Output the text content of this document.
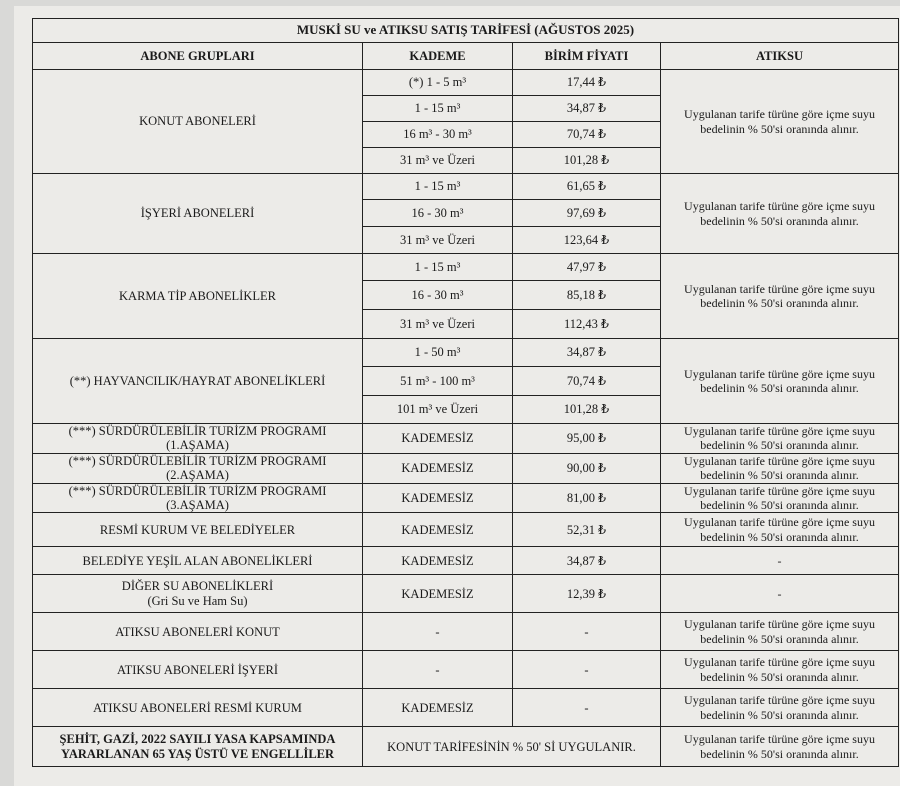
MUSKİ SU ve ATIKSU SATIŞ TARİFESİ (AĞUSTOS 2025)			
ABONE GRUPLARI	KADEME	BİRİM FİYATI	ATIKSU
KONUT ABONELERİ	(*) 1 - 5 m³	17,44 ₺	Uygulanan tarife türüne göre içme suyu bedelinin % 50'si oranında alınır.
	1 - 15 m³	34,87 ₺	
	16 m³ - 30 m³	70,74 ₺	
	31 m³ ve Üzeri	101,28 ₺	
İŞYERİ ABONELERİ	1 - 15 m³	61,65 ₺	Uygulanan tarife türüne göre içme suyu bedelinin % 50'si oranında alınır.
	16 - 30 m³	97,69 ₺	
	31 m³ ve Üzeri	123,64 ₺	
KARMA TİP ABONELİKLER	1 - 15 m³	47,97 ₺	Uygulanan tarife türüne göre içme suyu bedelinin % 50'si oranında alınır.
	16 - 30 m³	85,18 ₺	
	31 m³ ve Üzeri	112,43 ₺	
(**) HAYVANCILIK/HAYRAT ABONELİKLERİ	1 - 50 m³	34,87 ₺	Uygulanan tarife türüne göre içme suyu bedelinin % 50'si oranında alınır.
	51 m³ - 100 m³	70,74 ₺	
	101 m³ ve Üzeri	101,28 ₺	

(***) SÜRDÜRÜLEBİLİR TURİZM PROGRAMI
(1.AŞAMA)	KADEMESİZ	95,00 ₺	Uygulanan tarife türüne göre içme suyu bedelinin % 50'si oranında alınır.

(***) SÜRDÜRÜLEBİLİR TURİZM PROGRAMI
(2.AŞAMA)	KADEMESİZ	90,00 ₺	Uygulanan tarife türüne göre içme suyu bedelinin % 50'si oranında alınır.

(***) SÜRDÜRÜLEBİLİR TURİZM PROGRAMI
(3.AŞAMA)	KADEMESİZ	81,00 ₺	Uygulanan tarife türüne göre içme suyu bedelinin % 50'si oranında alınır.

RESMİ KURUM VE BELEDİYELER	KADEMESİZ	52,31 ₺	Uygulanan tarife türüne göre içme suyu bedelinin % 50'si oranında alınır.

BELEDİYE YEŞİL ALAN ABONELİKLERİ	KADEMESİZ	34,87 ₺	-

DİĞER SU ABONELİKLERİ
(Gri Su ve Ham Su)	KADEMESİZ	12,39 ₺	-

ATIKSU ABONELERİ KONUT	-	-	Uygulanan tarife türüne göre içme suyu bedelinin % 50'si oranında alınır.

ATIKSU ABONELERİ İŞYERİ	-	-	Uygulanan tarife türüne göre içme suyu bedelinin % 50'si oranında alınır.

ATIKSU ABONELERİ RESMİ KURUM	KADEMESİZ	-	Uygulanan tarife türüne göre içme suyu bedelinin % 50'si oranında alınır.
ŞEHİT, GAZİ, 2022 SAYILI YASA KAPSAMINDA YARARLANAN 65 YAŞ ÜSTÜ VE ENGELLİLER	KONUT TARİFESİNİN % 50' Sİ UYGULANIR.		Uygulanan tarife türüne göre içme suyu bedelinin % 50'si oranında alınır.
